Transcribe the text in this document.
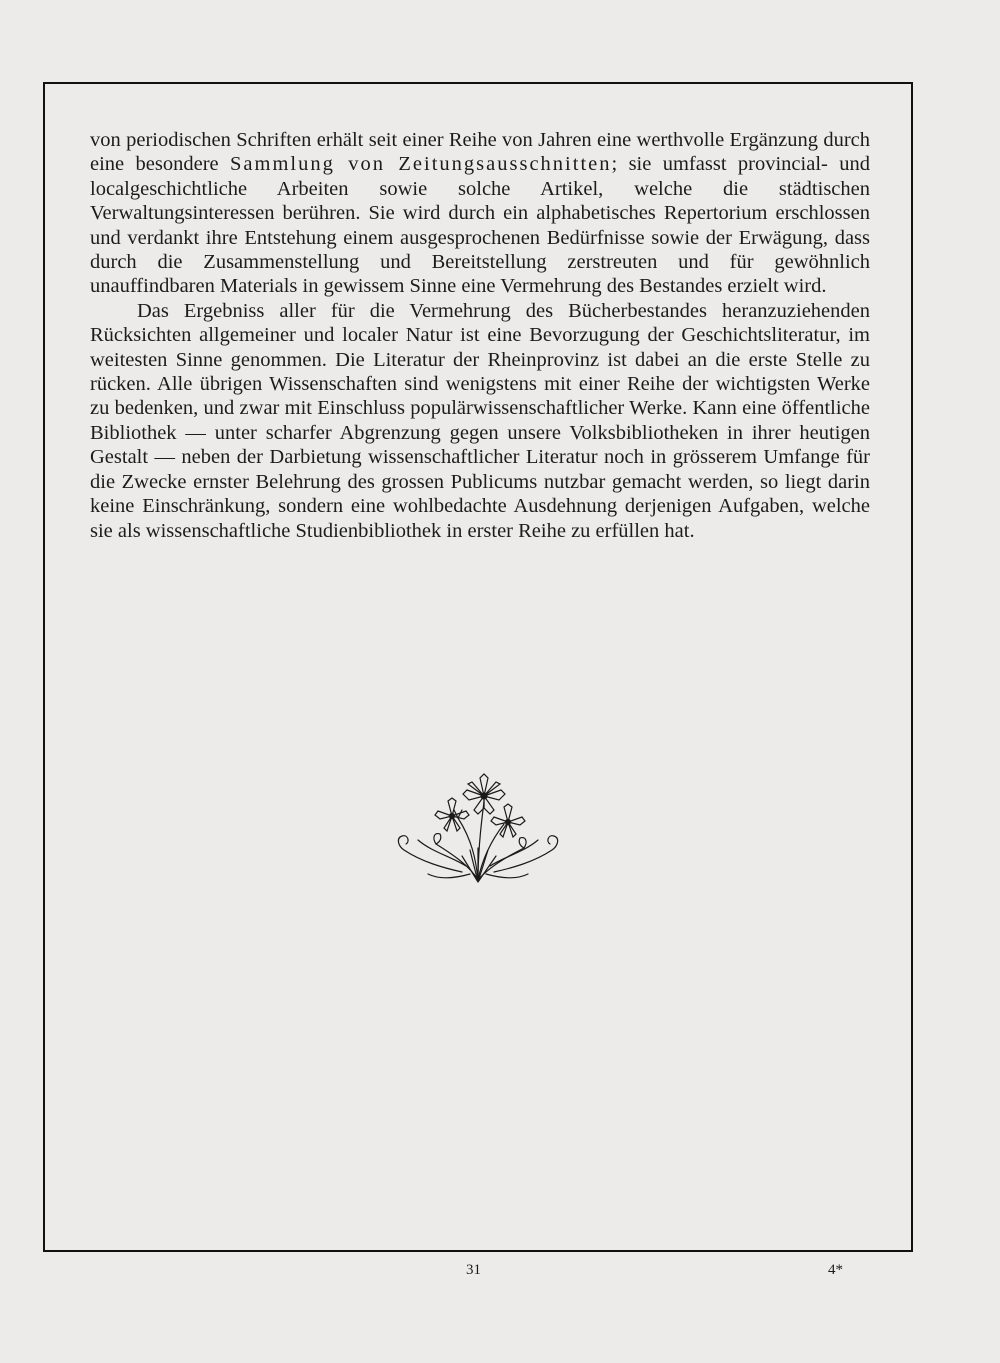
von periodischen Schriften erhält seit einer Reihe von Jahren eine werthvolle Ergänzung durch eine besondere Sammlung von Zeitungsausschnitten; sie umfasst provincial- und localgeschichtliche Arbeiten sowie solche Artikel, welche die städtischen Verwaltungsinteressen berühren. Sie wird durch ein alphabetisches Repertorium erschlossen und verdankt ihre Entstehung einem ausgesprochenen Bedürfnisse sowie der Erwägung, dass durch die Zusammenstellung und Bereitstellung zerstreuten und für gewöhnlich unauffindbaren Materials in gewissem Sinne eine Vermehrung des Bestandes erzielt wird.

Das Ergebniss aller für die Vermehrung des Bücherbestandes heranzuziehenden Rücksichten allgemeiner und localer Natur ist eine Bevorzugung der Geschichtsliteratur, im weitesten Sinne genommen. Die Literatur der Rheinprovinz ist dabei an die erste Stelle zu rücken. Alle übrigen Wissenschaften sind wenigstens mit einer Reihe der wichtigsten Werke zu bedenken, und zwar mit Einschluss populärwissenschaftlicher Werke. Kann eine öffentliche Bibliothek — unter scharfer Abgrenzung gegen unsere Volksbibliotheken in ihrer heutigen Gestalt — neben der Darbietung wissenschaftlicher Literatur noch in grösserem Umfange für die Zwecke ernster Belehrung des grossen Publicums nutzbar gemacht werden, so liegt darin keine Einschränkung, sondern eine wohlbedachte Ausdehnung derjenigen Aufgaben, welche sie als wissenschaftliche Studienbibliothek in erster Reihe zu erfüllen hat.

31	4*
